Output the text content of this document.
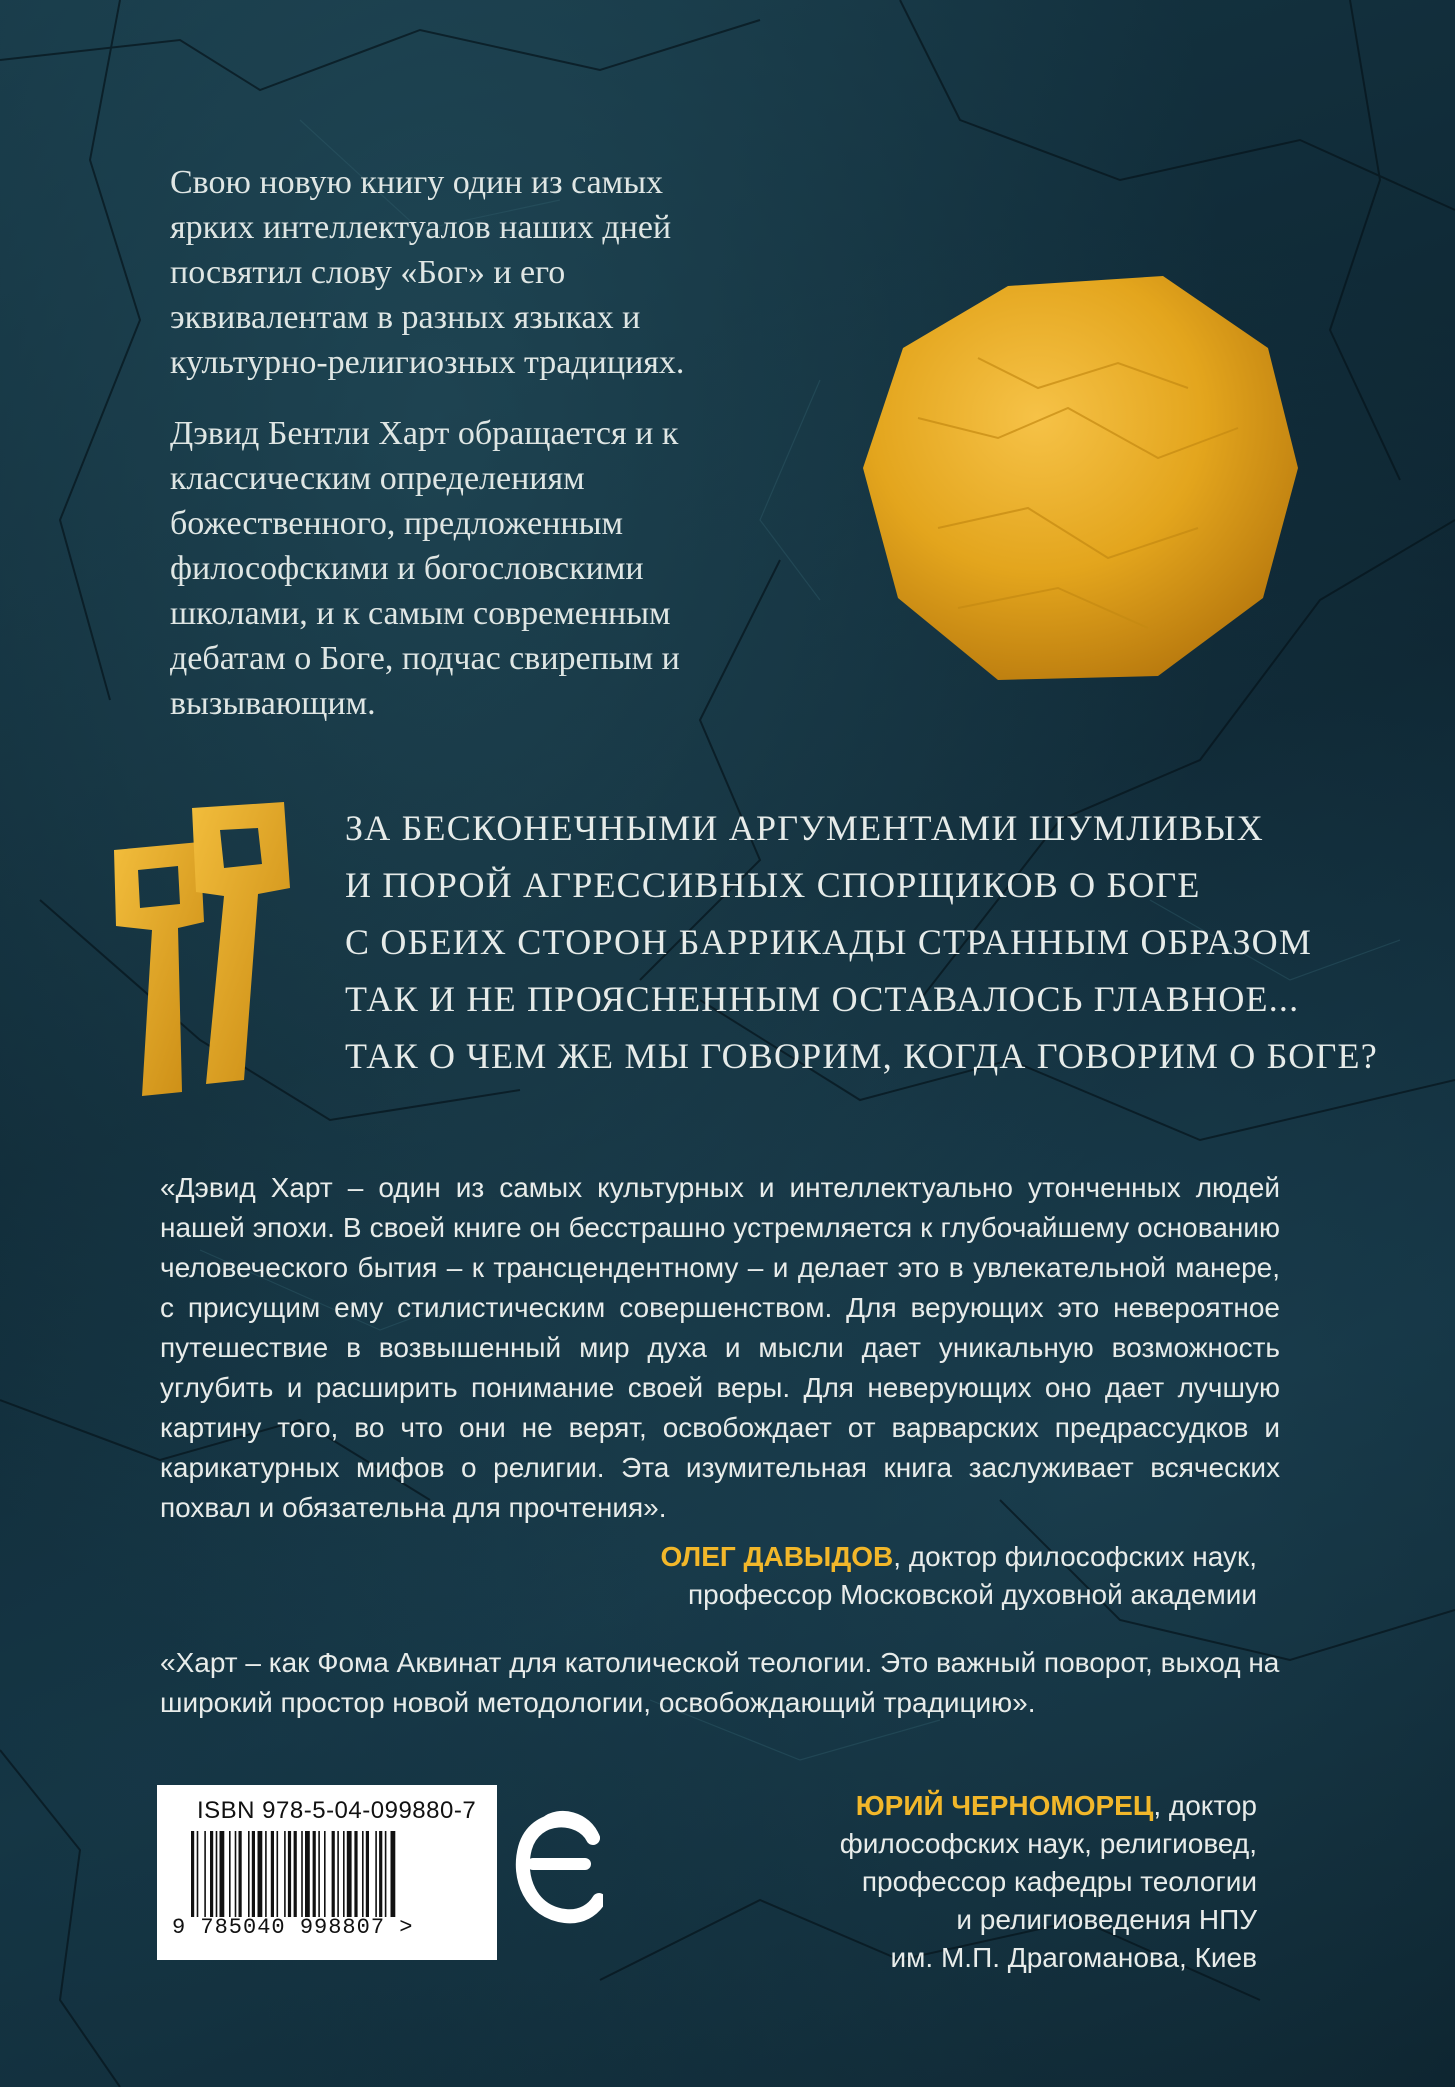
Свою новую книгу один из самых ярких интеллектуалов наших дней посвятил слову «Бог» и его эквивалентам в разных языках и культурно-религиозных традициях.

Дэвид Бентли Харт обращается и к классическим определениям божественного, предложенным философскими и богословскими школами, и к самым современным дебатам о Боге, подчас свирепым и вызывающим.

ЗА БЕСКОНЕЧНЫМИ АРГУМЕНТАМИ ШУМЛИВЫХ
И ПОРОЙ АГРЕССИВНЫХ СПОРЩИКОВ О БОГЕ
С ОБЕИХ СТОРОН БАРРИКАДЫ СТРАННЫМ ОБРАЗОМ
ТАК И НЕ ПРОЯСНЕННЫМ ОСТАВАЛОСЬ ГЛАВНОЕ...
ТАК О ЧЕМ ЖЕ МЫ ГОВОРИМ, КОГДА ГОВОРИМ О БОГЕ?
«Дэвид Харт – один из самых культурных и интеллектуально утонченных людей нашей эпохи. В своей книге он бесстрашно устремляется к глубочайшему основанию человеческого бытия – к трансцендентному – и делает это в увлекательной манере, с присущим ему стилистическим совершенством. Для верующих это невероятное путешествие в возвышенный мир духа и мысли дает уникальную возможность углубить и расширить понимание своей веры. Для неверующих оно дает лучшую картину того, во что они не верят, освобождает от варварских предрассудков и карикатурных мифов о религии. Эта изумительная книга заслуживает всяческих похвал и обязательна для прочтения».
ОЛЕГ ДАВЫДОВ, доктор философских наук,
профессор Московской духовной академии
«Харт – как Фома Аквинат для католической теологии. Это важный поворот, выход на широкий простор новой методологии, освобождающий традицию».
ЮРИЙ ЧЕРНОМОРЕЦ, доктор
философских наук, религиовед,
профессор кафедры теологии
и религиоведения НПУ
им. М.П. Драгоманова, Киев
ISBN 978-5-04-099880-7
9 785040 998807 >
